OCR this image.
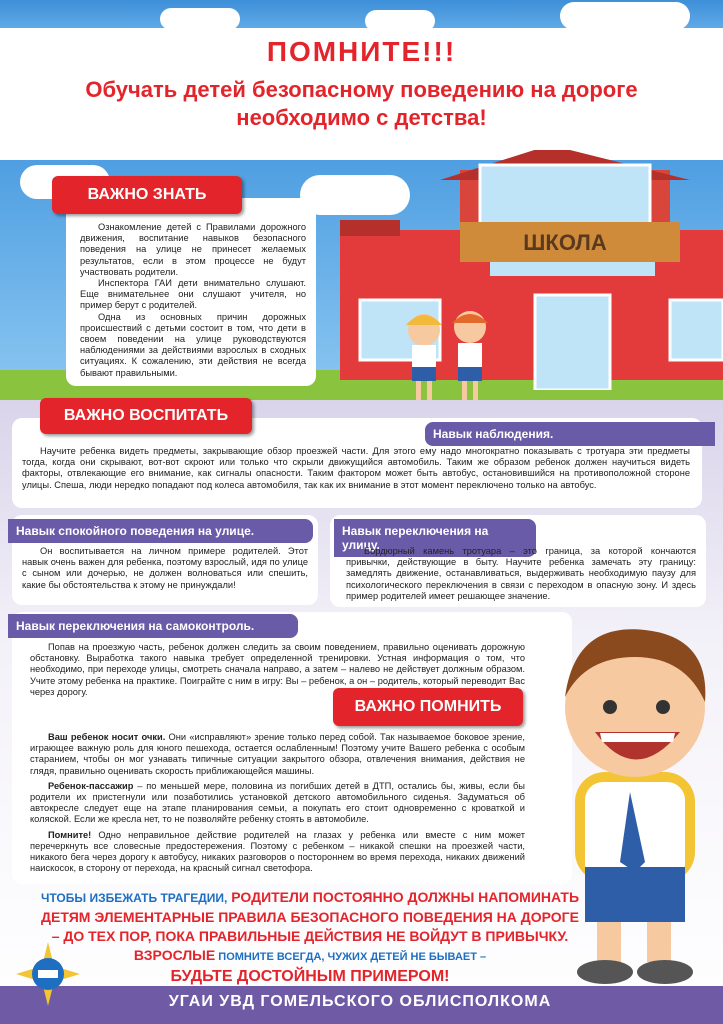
ПОМНИТЕ!!!
Обучать детей безопасному поведению на дороге
необходимо с детства!
ШКОЛА
ВАЖНО ЗНАТЬ

Ознакомление детей с Правилами дорожного движения, воспитание навыков безопасного поведения на улице не принесет желаемых результатов, если в этом процессе не будут участвовать родители.

Инспектора ГАИ дети внимательно слушают. Еще внимательнее они слушают учителя, но пример берут с родителей.

Одна из основных причин дорожных происшествий с детьми состоит в том, что дети в своем поведении на улице руководствуются наблюдениями за действиями взрослых в сходных ситуациях. К сожалению, эти действия не всегда бывают правильными.

ВАЖНО ВОСПИТАТЬ
Навык наблюдения.

Научите ребенка видеть предметы, закрывающие обзор проезжей части. Для этого ему надо многократно показывать с тротуара эти предметы тогда, когда они скрывают, вот-вот скроют или только что скрыли движущийся автомобиль. Таким же образом ребенок должен научиться видеть факторы, отвлекающие его внимание, как сигналы опасности. Таким фактором может быть автобус, остановившийся на противоположной стороне улицы. Спеша, люди нередко попадают под колеса автомобиля, так как их внимание в этот момент переключено только на автобус.

Навык спокойного поведения на улице.

Он воспитывается на личном примере родителей. Этот навык очень важен для ребенка, поэтому взрослый, идя по улице с сыном или дочерью, не должен волноваться или спешить, какие бы обстоятельства к этому не принуждали!

Навык переключения на улицу.

Бордюрный камень тротуара – это граница, за которой кончаются привычки, действующие в быту. Научите ребенка замечать эту границу: замедлять движение, останавливаться, выдерживать необходимую паузу для психологического переключения в связи с переходом в опасную зону. И здесь пример родителей имеет решающее значение.

Навык переключения на самоконтроль.

Попав на проезжую часть, ребенок должен следить за своим поведением, правильно оценивать дорожную обстановку. Выработка такого навыка требует определенной тренировки. Устная информация о том, что необходимо, при переходе улицы, смотреть сначала направо, а затем – налево не действует должным образом. Учите этому ребенка на практике. Поиграйте с ним в игру: Вы – ребенок, а он – родитель, который переводит Вас через дорогу.

ВАЖНО ПОМНИТЬ

Ваш ребенок носит очки. Они «исправляют» зрение только перед собой. Так называемое боковое зрение, играющее важную роль для юного пешехода, остается ослабленным! Поэтому учите Вашего ребенка с особым старанием, чтобы он мог узнавать типичные ситуации закрытого обзора, отвлечения внимания, действия не глядя, правильно оценивать скорость приближающейся машины.

Ребенок-пассажир – по меньшей мере, половина из погибших детей в ДТП, остались бы, живы, если бы родители их пристегнули или позаботились установкой детского автомобильного сиденья. Задуматься об автокресле следует еще на этапе планирования семьи, а покупать его стоит одновременно с кроваткой и коляской. Если же кресла нет, то не позволяйте ребенку стоять в автомобиле.

Помните! Одно неправильное действие родителей на глазах у ребенка или вместе с ним может перечеркнуть все словесные предостережения. Поэтому с ребенком – никакой спешки на проезжей части, никакого бега через дорогу к автобусу, никаких разговоров о постороннем во время перехода, никаких движений наискосок, в сторону от перехода, на красный сигнал светофора.

ЧТОБЫ ИЗБЕЖАТЬ ТРАГЕДИИ, РОДИТЕЛИ ПОСТОЯННО ДОЛЖНЫ НАПОМИНАТЬ
ДЕТЯМ ЭЛЕМЕНТАРНЫЕ ПРАВИЛА БЕЗОПАСНОГО ПОВЕДЕНИЯ НА ДОРОГЕ
– ДО ТЕХ ПОР, ПОКА ПРАВИЛЬНЫЕ ДЕЙСТВИЯ НЕ ВОЙДУТ В ПРИВЫЧКУ.
ВЗРОСЛЫЕ ПОМНИТЕ ВСЕГДА, ЧУЖИХ ДЕТЕЙ НЕ БЫВАЕТ –
БУДЬТЕ ДОСТОЙНЫМ ПРИМЕРОМ!
УГАИ УВД ГОМЕЛЬСКОГО ОБЛИСПОЛКОМА
